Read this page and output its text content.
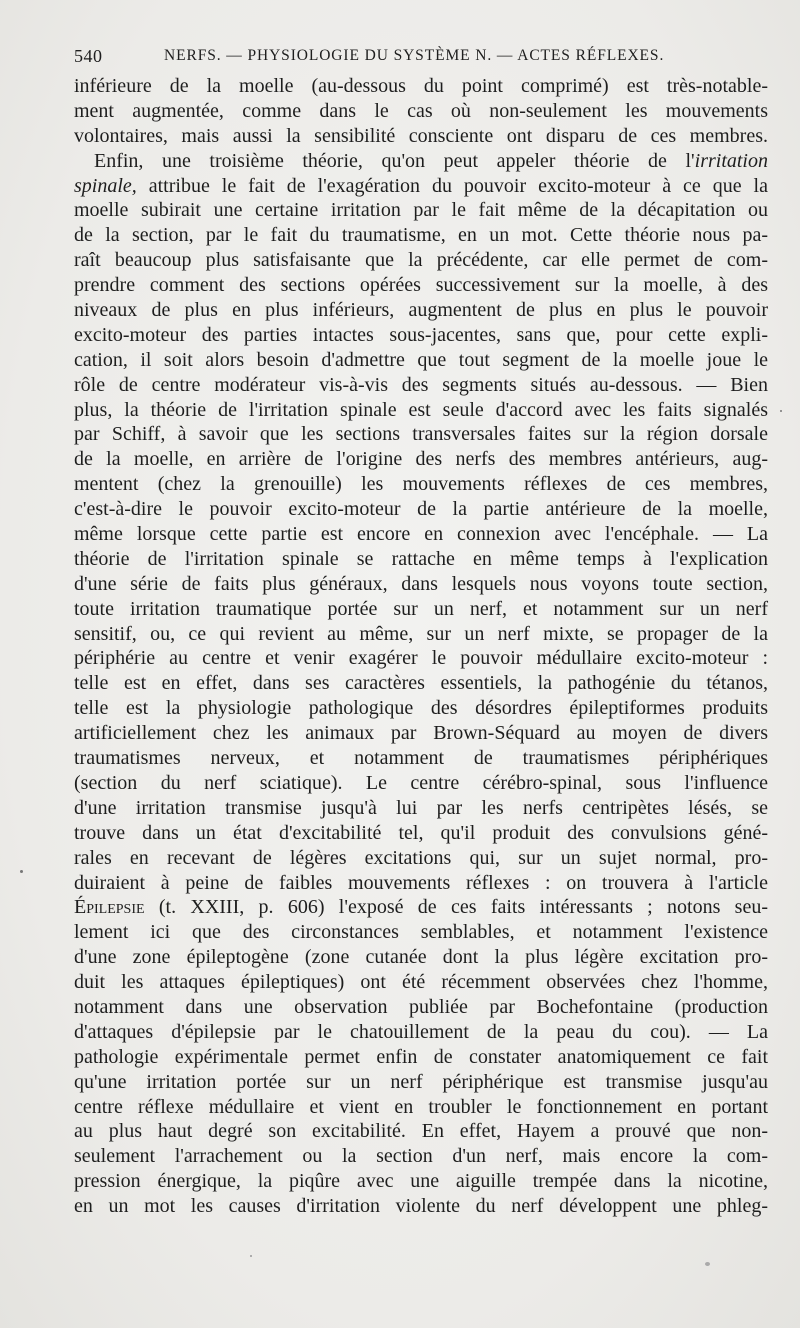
540	NERFS. — PHYSIOLOGIE DU SYSTÈME N. — ACTES RÉFLEXES.
inférieure de la moelle (au-dessous du point comprimé) est très-notable-
ment augmentée, comme dans le cas où non-seulement les mouvements
volontaires, mais aussi la sensibilité consciente ont disparu de ces membres.
Enfin, une troisième théorie, qu'on peut appeler théorie de l'irritation
spinale, attribue le fait de l'exagération du pouvoir excito-moteur à ce que la
moelle subirait une certaine irritation par le fait même de la décapitation ou
de la section, par le fait du traumatisme, en un mot. Cette théorie nous pa-
raît beaucoup plus satisfaisante que la précédente, car elle permet de com-
prendre comment des sections opérées successivement sur la moelle, à des
niveaux de plus en plus inférieurs, augmentent de plus en plus le pouvoir
excito-moteur des parties intactes sous-jacentes, sans que, pour cette expli-
cation, il soit alors besoin d'admettre que tout segment de la moelle joue le
rôle de centre modérateur vis-à-vis des segments situés au-dessous. — Bien
plus, la théorie de l'irritation spinale est seule d'accord avec les faits signalés
par Schiff, à savoir que les sections transversales faites sur la région dorsale
de la moelle, en arrière de l'origine des nerfs des membres antérieurs, aug-
mentent (chez la grenouille) les mouvements réflexes de ces membres,
c'est-à-dire le pouvoir excito-moteur de la partie antérieure de la moelle,
même lorsque cette partie est encore en connexion avec l'encéphale. — La
théorie de l'irritation spinale se rattache en même temps à l'explication
d'une série de faits plus généraux, dans lesquels nous voyons toute section,
toute irritation traumatique portée sur un nerf, et notamment sur un nerf
sensitif, ou, ce qui revient au même, sur un nerf mixte, se propager de la
périphérie au centre et venir exagérer le pouvoir médullaire excito-moteur :
telle est en effet, dans ses caractères essentiels, la pathogénie du tétanos,
telle est la physiologie pathologique des désordres épileptiformes produits
artificiellement chez les animaux par Brown-Séquard au moyen de divers
traumatismes nerveux, et notamment de traumatismes périphériques
(section du nerf sciatique). Le centre cérébro-spinal, sous l'influence
d'une irritation transmise jusqu'à lui par les nerfs centripètes lésés, se
trouve dans un état d'excitabilité tel, qu'il produit des convulsions géné-
rales en recevant de légères excitations qui, sur un sujet normal, pro-
duiraient à peine de faibles mouvements réflexes : on trouvera à l'article
Épilepsie (t. XXIII, p. 606) l'exposé de ces faits intéressants ; notons seu-
lement ici que des circonstances semblables, et notamment l'existence
d'une zone épileptogène (zone cutanée dont la plus légère excitation pro-
duit les attaques épileptiques) ont été récemment observées chez l'homme,
notamment dans une observation publiée par Bochefontaine (production
d'attaques d'épilepsie par le chatouillement de la peau du cou). — La
pathologie expérimentale permet enfin de constater anatomiquement ce fait
qu'une irritation portée sur un nerf périphérique est transmise jusqu'au
centre réflexe médullaire et vient en troubler le fonctionnement en portant
au plus haut degré son excitabilité. En effet, Hayem a prouvé que non-
seulement l'arrachement ou la section d'un nerf, mais encore la com-
pression énergique, la piqûre avec une aiguille trempée dans la nicotine,
en un mot les causes d'irritation violente du nerf développent une phleg-
